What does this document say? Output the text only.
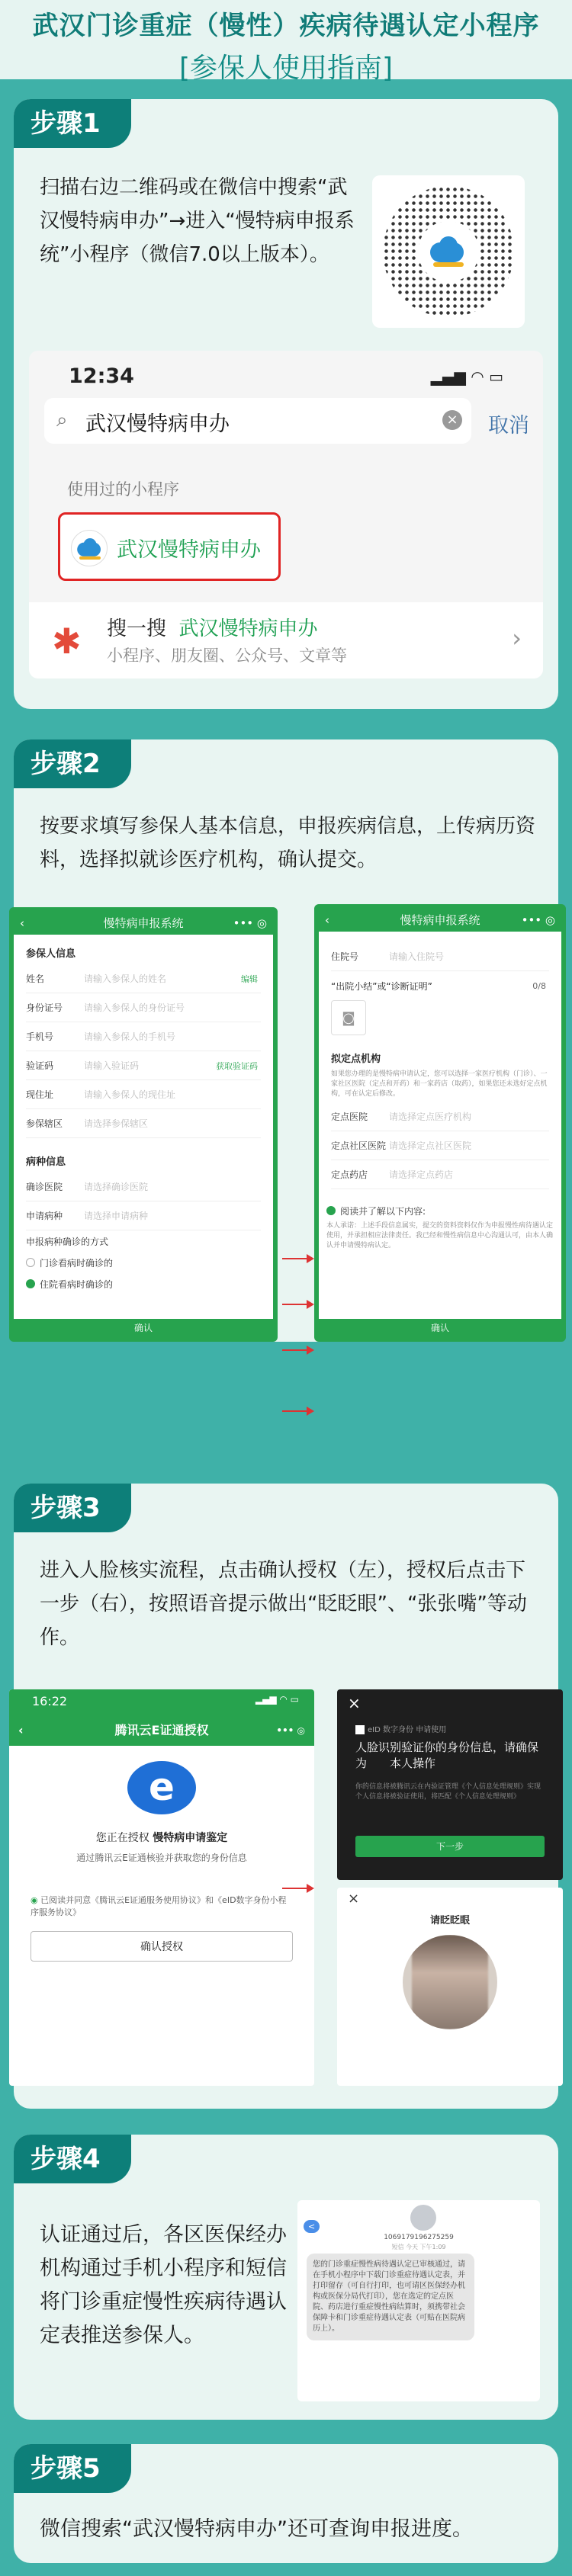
武汉门诊重症（慢性）疾病待遇认定小程序
[参保人使用指南]
步骤1
扫描右边二维码或在微信中搜索“武汉慢特病申办”→进入“慢特病申报系统”小程序（微信7.0以上版本）。
12:34	▂▄▆ ◠ ▭
⌕ 武汉慢特病申办	× 取消
使用过的小程序
武汉慢特病申办
✱ 搜一搜 武汉慢特病申办
小程序、朋友圈、公众号、文章等
›
步骤2
按要求填写参保人基本信息，申报疾病信息，上传病历资料，选择拟就诊医疗机构，确认提交。
‹	慢特病申报系统	••• ◎
参保人信息
姓名	请输入参保人的姓名	编辑
身份证号	请输入参保人的身份证号
手机号	请输入参保人的手机号
验证码	请输入验证码	获取验证码
现住址	请输入参保人的现住址
参保辖区	请选择参保辖区
病种信息
确诊医院	请选择确诊医院
申请病种	请选择申请病种
申报病种确诊的方式
门诊看病时确诊的
住院看病时确诊的
确认
‹	慢特病申报系统	••• ◎
住院号	请输入住院号
“出院小结”或“诊断证明”	0/8
◙
拟定点机构
如果您办理的是慢特病申请认定，您可以选择一家医疗机构（门诊）、一家社区医院（定点和开药）和一家药店（取药），如果您还未选好定点机构，可在认定后修改。
定点医院	请选择定点医疗机构
定点社区医院 请选择定点社区医院
定点药店	请选择定点药店
阅读并了解以下内容:
本人承诺：上述手段信息属实，提交的资料资料仅作为申报慢性病待遇认定使用，并承担相应法律责任。我已经和慢性病信息中心沟通认可，由本人确认并申请慢特病认定。
确认
步骤3
进入人脸核实流程，点击确认授权（左），授权后点击下一步（右），按照语音提示做出“眨眨眼”、“张张嘴”等动作。
16:22	▂▄▆ ◠ ▭
‹	腾讯云E证通授权	••• ◎
e
您正在授权 慢特病申请鉴定
通过腾讯云E证通核验并获取您的身份信息
◉ 已阅读并同意《腾讯云E证通服务使用协议》和《eID数字身份小程序服务协议》
确认授权
×
eID 数字身份 申请使用
人脸识别验证你的身份信息，请确保为　　本人操作
你的信息将被腾讯云在内验证管理《个人信息处理规则》实现个人信息将被验证使用，将匹配《个人信息处理规则》
下一步
×
请眨眨眼
步骤4
认证通过后，各区医保经办机构通过手机小程序和短信将门诊重症慢性疾病待遇认定表推送参保人。
<
1069179196275259
短信 今天 下午1:09
您的门诊重症慢性病待遇认定已审核通过，请在手机小程序中下载门诊重症待遇认定表，并打印留存（可自行打印，也可请区医保经办机构或医保分局代打印），您在选定的定点医院、药店进行重症慢性病结算时，须携带社会保障卡和门诊重症待遇认定表（可贴在医院病历上）。
步骤5
微信搜索“武汉慢特病申办”还可查询申报进度。
